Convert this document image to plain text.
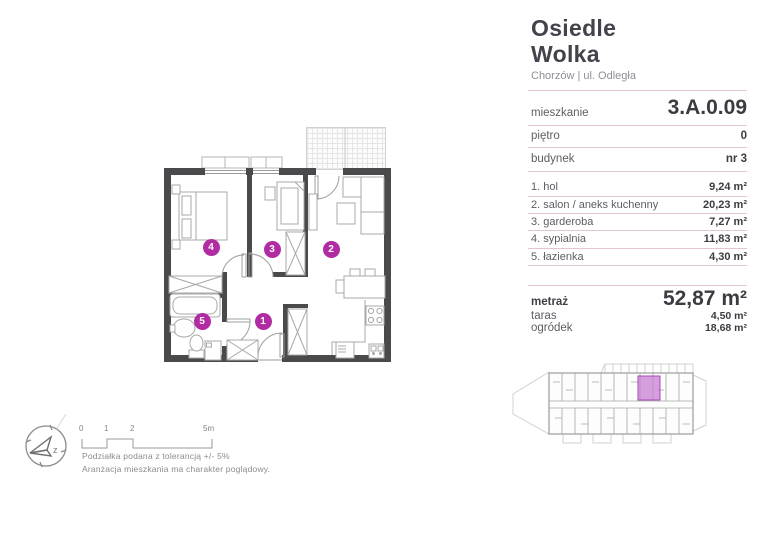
z
1
2
3
4
5
0	1	2	5m
Podziałka podana z tolerancją +/- 5%
Aranżacja mieszkania ma charakter poglądowy.
Osiedle
Wolka
Chorzów | ul. Odległa
mieszkanie	3.A.0.09
piętro	0
budynek	nr 3
1. hol	9,24 m²
2. salon / aneks kuchenny	20,23 m²
3. garderoba	7,27 m²
4. sypialnia	11,83 m²
5. łazienka	4,30 m²
metraż	52,87 m²
taras	4,50 m²
ogródek	18,68 m²
